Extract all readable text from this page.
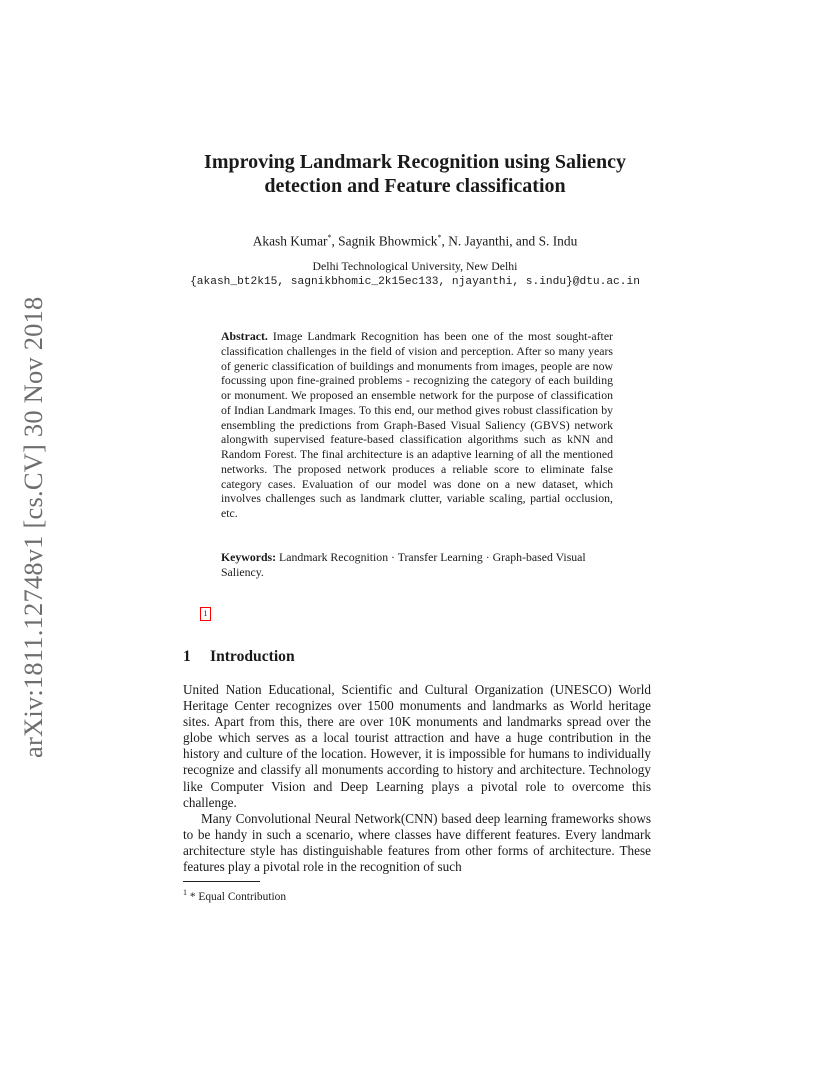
arXiv:1811.12748v1 [cs.CV] 30 Nov 2018
Improving Landmark Recognition using Saliency
detection and Feature classification
Akash Kumar*, Sagnik Bhowmick*, N. Jayanthi, and S. Indu
Delhi Technological University, New Delhi
{akash_bt2k15, sagnikbhomic_2k15ec133, njayanthi, s.indu}@dtu.ac.in
Abstract. Image Landmark Recognition has been one of the most sought-after classification challenges in the field of vision and perception. After so many years of generic classification of buildings and monuments from images, people are now focussing upon fine-grained problems - recognizing the category of each building or monument. We proposed an ensemble network for the purpose of classification of Indian Landmark Images. To this end, our method gives robust classification by ensembling the predictions from Graph-Based Visual Saliency (GBVS) network alongwith supervised feature-based classification algorithms such as kNN and Random Forest. The final architecture is an adaptive learning of all the mentioned networks. The proposed network produces a reliable score to eliminate false category cases. Evaluation of our model was done on a new dataset, which involves challenges such as landmark clutter, variable scaling, partial occlusion, etc.
Keywords: Landmark Recognition · Transfer Learning · Graph-based Visual Saliency.
1
1 Introduction

United Nation Educational, Scientific and Cultural Organization (UNESCO) World Heritage Center recognizes over 1500 monuments and landmarks as World heritage sites. Apart from this, there are over 10K monuments and landmarks spread over the globe which serves as a local tourist attraction and have a huge contribution in the history and culture of the location. However, it is impossible for humans to individually recognize and classify all monuments according to history and architecture. Technology like Computer Vision and Deep Learning plays a pivotal role to overcome this challenge.

Many Convolutional Neural Network(CNN) based deep learning frameworks shows to be handy in such a scenario, where classes have different features. Every landmark architecture style has distinguishable features from other forms of architecture. These features play a pivotal role in the recognition of such

$^1$ * Equal Contribution
